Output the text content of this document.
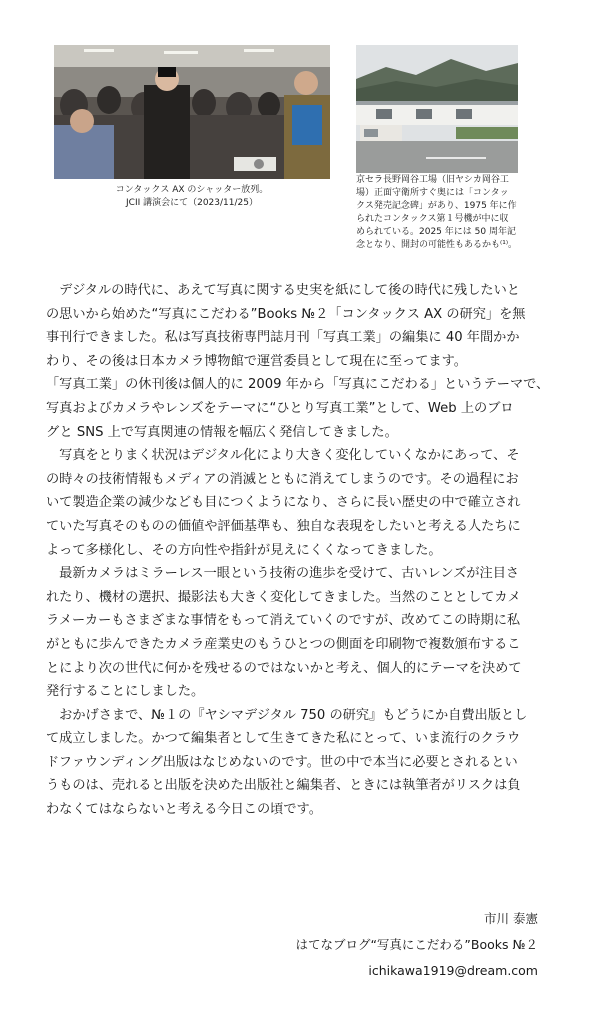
コンタックス AX のシャッター放列。
JCII 講演会にて（2023/11/25）
京セラ長野岡谷工場（旧ヤシカ岡谷工
場）正面守衛所すぐ奥には「コンタッ
クス発売記念碑」があり、1975 年に作
られたコンタックス第１号機が中に収
められている。2025 年には 50 周年記
念となり、開封の可能性もあるかも⁽¹⁾。
　デジタルの時代に、あえて写真に関する史実を紙にして後の時代に残したいと
の思いから始めた“写真にこだわる”Books №２「コンタックス AX の研究」を無
事刊行できました。私は写真技術専門誌月刊「写真工業」の編集に 40 年間かか
わり、その後は日本カメラ博物館で運営委員として現在に至ってます。
「写真工業」の休刊後は個人的に 2009 年から「写真にこだわる」というテーマで、
写真およびカメラやレンズをテーマに“ひとり写真工業”として、Web 上のブロ
グと SNS 上で写真関連の情報を幅広く発信してきました。
　写真をとりまく状況はデジタル化により大きく変化していくなかにあって、そ
の時々の技術情報もメディアの消滅とともに消えてしまうのです。その過程にお
いて製造企業の減少なども目につくようになり、さらに長い歴史の中で確立され
ていた写真そのものの価値や評価基準も、独自な表現をしたいと考える人たちに
よって多様化し、その方向性や指針が見えにくくなってきました。
　最新カメラはミラーレス一眼という技術の進歩を受けて、古いレンズが注目さ
れたり、機材の選択、撮影法も大きく変化してきました。当然のこととしてカメ
ラメーカーもさまざまな事情をもって消えていくのですが、改めてこの時期に私
がともに歩んできたカメラ産業史のもうひとつの側面を印刷物で複数頒布するこ
とにより次の世代に何かを残せるのではないかと考え、個人的にテーマを決めて
発行することにしました。
　おかげさまで、№１の『ヤシマデジタル 750 の研究』もどうにか自費出版とし
て成立しました。かつて編集者として生きてきた私にとって、いま流行のクラウ
ドファウンディング出版はなじめないのです。世の中で本当に必要とされるとい
うものは、売れると出版を決めた出版社と編集者、ときには執筆者がリスクは負
わなくてはならないと考える今日この頃です。
市川 泰憲
はてなブログ“写真にこだわる”Books №２
ichikawa1919@dream.com
